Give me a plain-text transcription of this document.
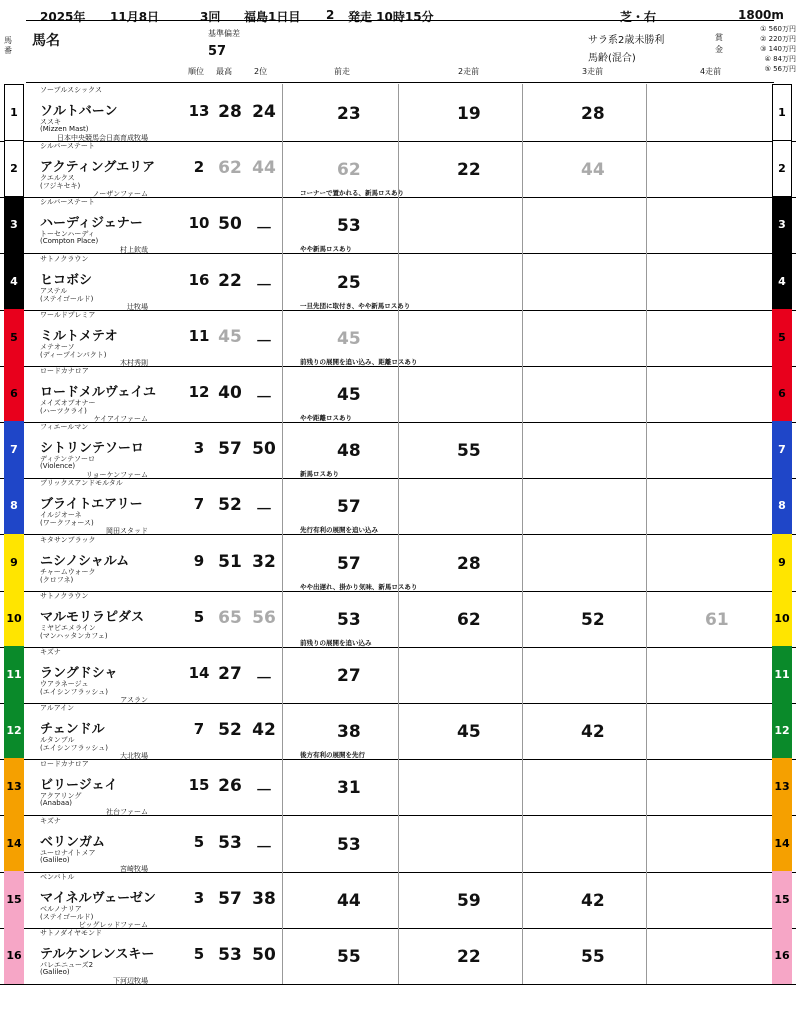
2025年 11月8日	3回 福島1日目 2 発走 10時15分	芝・右	1800m
馬番
馬名	基準偏差
57
サラ系2歳未勝利
馬齢(混合)
賞金
① 560万円
② 220万円
③ 140万円
④ 84万円
⑤ 56万円
順位 最高	2位	前走	2走前	3走前	4走前
1	1
ソーブルスシックス
ソルトバーン
ススキ
(Mizzen Mast)
日本中央競馬会日高育成牧場
13 28 24	23	19	28
2	2
シルバーステート
アクティングエリア
クエルクス
(フジキセキ)
ノーザンファーム
2 62 44	62	22	44
コーナーで置かれる、新馬ロスあり
3	3
シルバーステート
ハーディジェナー
トーセンハーディ
(Compton Place)
村上欽哉
10 50 －	53
やや新馬ロスあり
4	4
サトノクラウン
ヒコボシ
アステル
(ステイゴールド)
辻牧場
16 22 －	25
一旦先団に取付き、やや新馬ロスあり
5	5
ワールドプレミア
ミルトメテオ
メテオーソ
(ディープインパクト)
木村秀則
11 45 －	45
前残りの展開を追い込み、距離ロスあり
6	6
ロードカナロア
ロードメルヴェイユ
メイズオブオナー
(ハーツクライ)
ケイアイファーム
12 40 －	45
やや距離ロスあり
7	7
フィエールマン
シトリンテソーロ
ディテンテソーロ
(Violence)
リョーケンファーム
3 57 50	48	55
新馬ロスあり
8	8
ブリックスアンドモルタル
ブライトエアリー
イルジオーネ
(ワークフォース)
岡田スタッド
7 52 －	57
先行有利の展開を追い込み
9	9
キタサンブラック
ニシノシャルム
チャームウォーク
(クロフネ)
9 51 32	57	28
やや出遅れ、掛かり気味、新馬ロスあり
10	10
サトノクラウン
マルモリラピダス
ミヤビエメライン
(マンハッタンカフェ)
5 65 56	53	62	52	61
前残りの展開を追い込み
11	11
キズナ
ラングドシャ
ウアラネージュ
(エイシンフラッシュ)
アスラン
14 27 －	27
12	12
アルアイン
チェンドル
ルタンブル
(エイシンフラッシュ)
大北牧場
7 52 42	38	45	42
後方有利の展開を先行
13	13
ロードカナロア
ビリージェイ
アクアリング
(Anabaa)
社台ファーム
15 26 －	31
14	14
キズナ
ベリンガム
ユーロナイトメア
(Galileo)
宮崎牧場
5 53 －	53
15	15
ベンバトル
マイネルヴェーゼン
ベルノナリア
(ステイゴールド)
ビッグレッドファーム
3 57 38	44	59	42
16	16
サトノダイヤモンド
テルケンレンスキー
パレエニューズ2
(Galileo)
下河辺牧場
5 53 50	55	22	55
